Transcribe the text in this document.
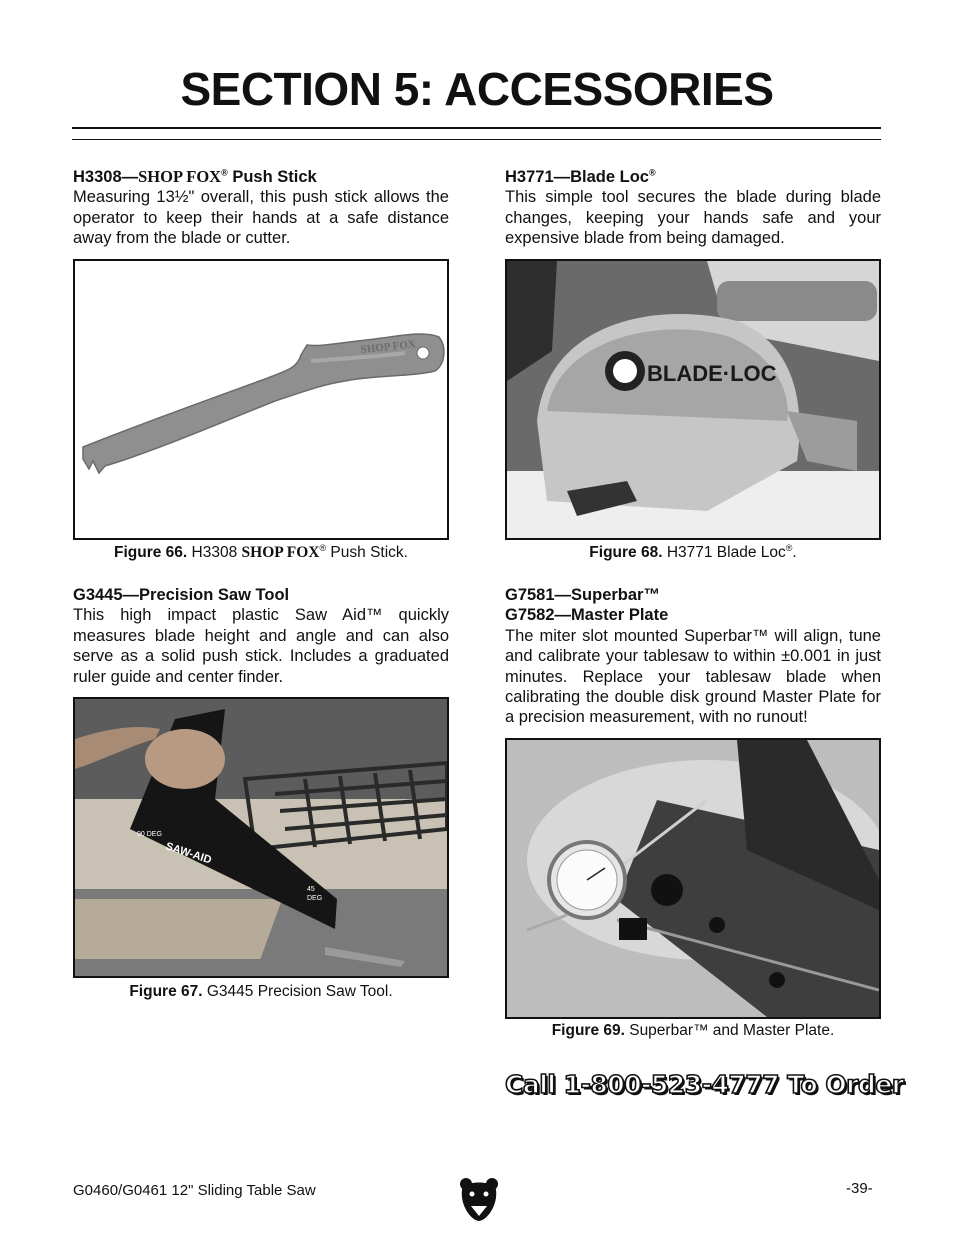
SECTION 5: ACCESSORIES
H3308—SHOP FOX® Push Stick

Measuring 13½" overall, this push stick allows the operator to keep their hands at a safe distance away from the blade or cutter.

SHOP FOX
Figure 66. H3308 SHOP FOX® Push Stick.
G3445—Precision Saw Tool

This high impact plastic Saw Aid™ quickly measures blade height and angle and can also serve as a solid push stick. Includes a graduated ruler guide and center finder.

90 DEG
SAW-AID
45
DEG
Figure 67. G3445 Precision Saw Tool.
H3771—Blade Loc®

This simple tool secures the blade during blade changes, keeping your hands safe and your expensive blade from being damaged.

BLADE·LOC
Figure 68. H3771 Blade Loc®.
G7581—Superbar™
G7582—Master Plate

The miter slot mounted Superbar™ will align, tune and calibrate your tablesaw to within ±0.001 in just minutes. Replace your tablesaw blade when calibrating the double disk ground Master Plate for a precision measurement, with no runout!

Figure 69. Superbar™ and Master Plate.
Call 1-800-523-4777 To Order
G0460/G0461 12" Sliding Table Saw	-39-
